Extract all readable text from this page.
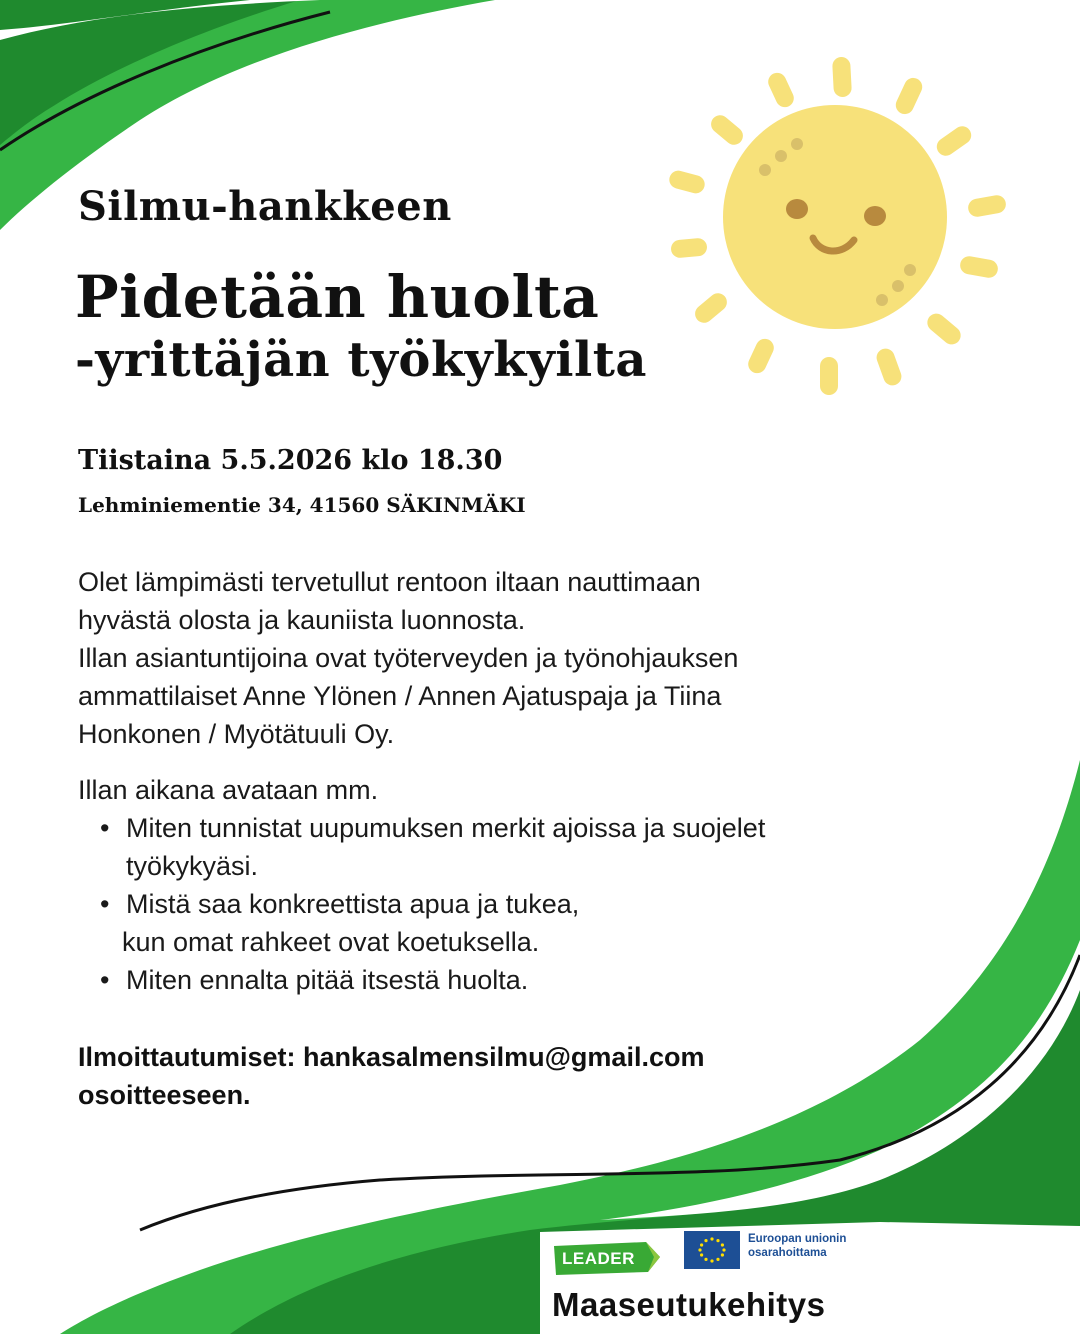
Silmu-hankkeen
Pidetään huolta
-yrittäjän työkykyilta

Tiistaina 5.5.2026 klo 18.30

Lehminiementie 34, 41560 SÄKINMÄKI

Olet lämpimästi tervetullut rentoon iltaan nauttimaan
hyvästä olosta ja kauniista luonnosta.
Illan asiantuntijoina ovat työterveyden ja työnohjauksen
ammattilaiset Anne Ylönen / Annen Ajatuspaja ja Tiina
Honkonen / Myötätuuli Oy.

Illan aikana avataan mm.

• Miten tunnistat uupumuksen merkit ajoissa ja suojelet
työkykyäsi.
• Mistä saa konkreettista apua ja tukea,
kun omat rahkeet ovat koetuksella.
• Miten ennalta pitää itsestä huolta.

Ilmoittautumiset: hankasalmensilmu@gmail.com
osoitteeseen.

LEADER

Euroopan unionin
osarahoittama

Maaseutukehitys
